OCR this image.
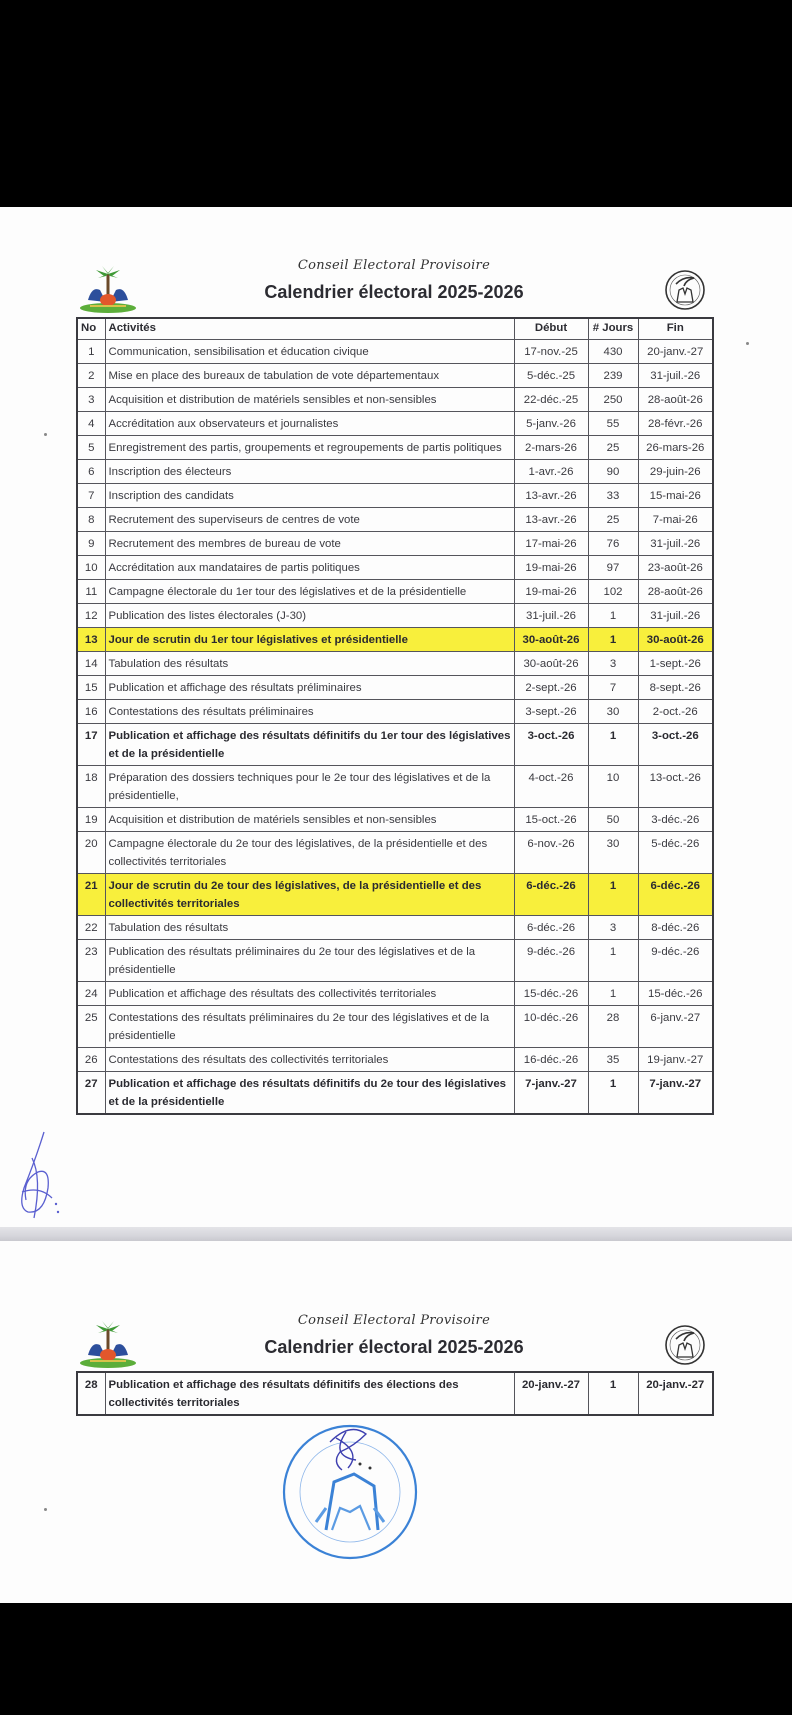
Conseil Electoral Provisoire
Calendrier électoral 2025-2026
No	Activités	Début	# Jours	Fin
1	Communication, sensibilisation et éducation civique	17-nov.-25	430	20-janv.-27
2	Mise en place des bureaux de tabulation de vote départementaux	5-déc.-25	239	31-juil.-26
3	Acquisition et distribution de matériels sensibles et non-sensibles	22-déc.-25	250	28-août-26
4	Accréditation aux observateurs et journalistes	5-janv.-26	55	28-févr.-26
5	Enregistrement des partis, groupements et regroupements de partis politiques	2-mars-26	25	26-mars-26
6	Inscription des électeurs	1-avr.-26	90	29-juin-26
7	Inscription des candidats	13-avr.-26	33	15-mai-26
8	Recrutement des superviseurs de centres de vote	13-avr.-26	25	7-mai-26
9	Recrutement des membres de bureau de vote	17-mai-26	76	31-juil.-26
10	Accréditation aux mandataires de partis politiques	19-mai-26	97	23-août-26
11	Campagne électorale du 1er tour des législatives et de la présidentielle	19-mai-26	102	28-août-26
12	Publication des listes électorales (J-30)	31-juil.-26	1	31-juil.-26
13	Jour de scrutin du 1er tour législatives et présidentielle	30-août-26	1	30-août-26
14	Tabulation des résultats	30-août-26	3	1-sept.-26
15	Publication et affichage des résultats préliminaires	2-sept.-26	7	8-sept.-26
16	Contestations des résultats préliminaires	3-sept.-26	30	2-oct.-26
17	Publication et affichage des résultats définitifs du 1er tour des législatives et de la présidentielle	3-oct.-26	1	3-oct.-26
18	Préparation des dossiers techniques pour le 2e tour des législatives et de la présidentielle,	4-oct.-26	10	13-oct.-26
19	Acquisition et distribution de matériels sensibles et non-sensibles	15-oct.-26	50	3-déc.-26
20	Campagne électorale du 2e tour des législatives, de la présidentielle et des collectivités territoriales	6-nov.-26	30	5-déc.-26
21	Jour de scrutin du 2e tour des législatives, de la présidentielle et des collectivités territoriales	6-déc.-26	1	6-déc.-26
22	Tabulation des résultats	6-déc.-26	3	8-déc.-26
23	Publication des résultats préliminaires du 2e tour des législatives et de la présidentielle	9-déc.-26	1	9-déc.-26
24	Publication et affichage des résultats des collectivités territoriales	15-déc.-26	1	15-déc.-26
25	Contestations des résultats préliminaires du 2e tour des législatives et de la présidentielle	10-déc.-26	28	6-janv.-27
26	Contestations des résultats des collectivités territoriales	16-déc.-26	35	19-janv.-27
27	Publication et affichage des résultats définitifs du 2e tour des législatives et de la présidentielle	7-janv.-27	1	7-janv.-27
Conseil Electoral Provisoire
Calendrier électoral 2025-2026
28	Publication et affichage des résultats définitifs des élections des collectivités territoriales	20-janv.-27	1	20-janv.-27
